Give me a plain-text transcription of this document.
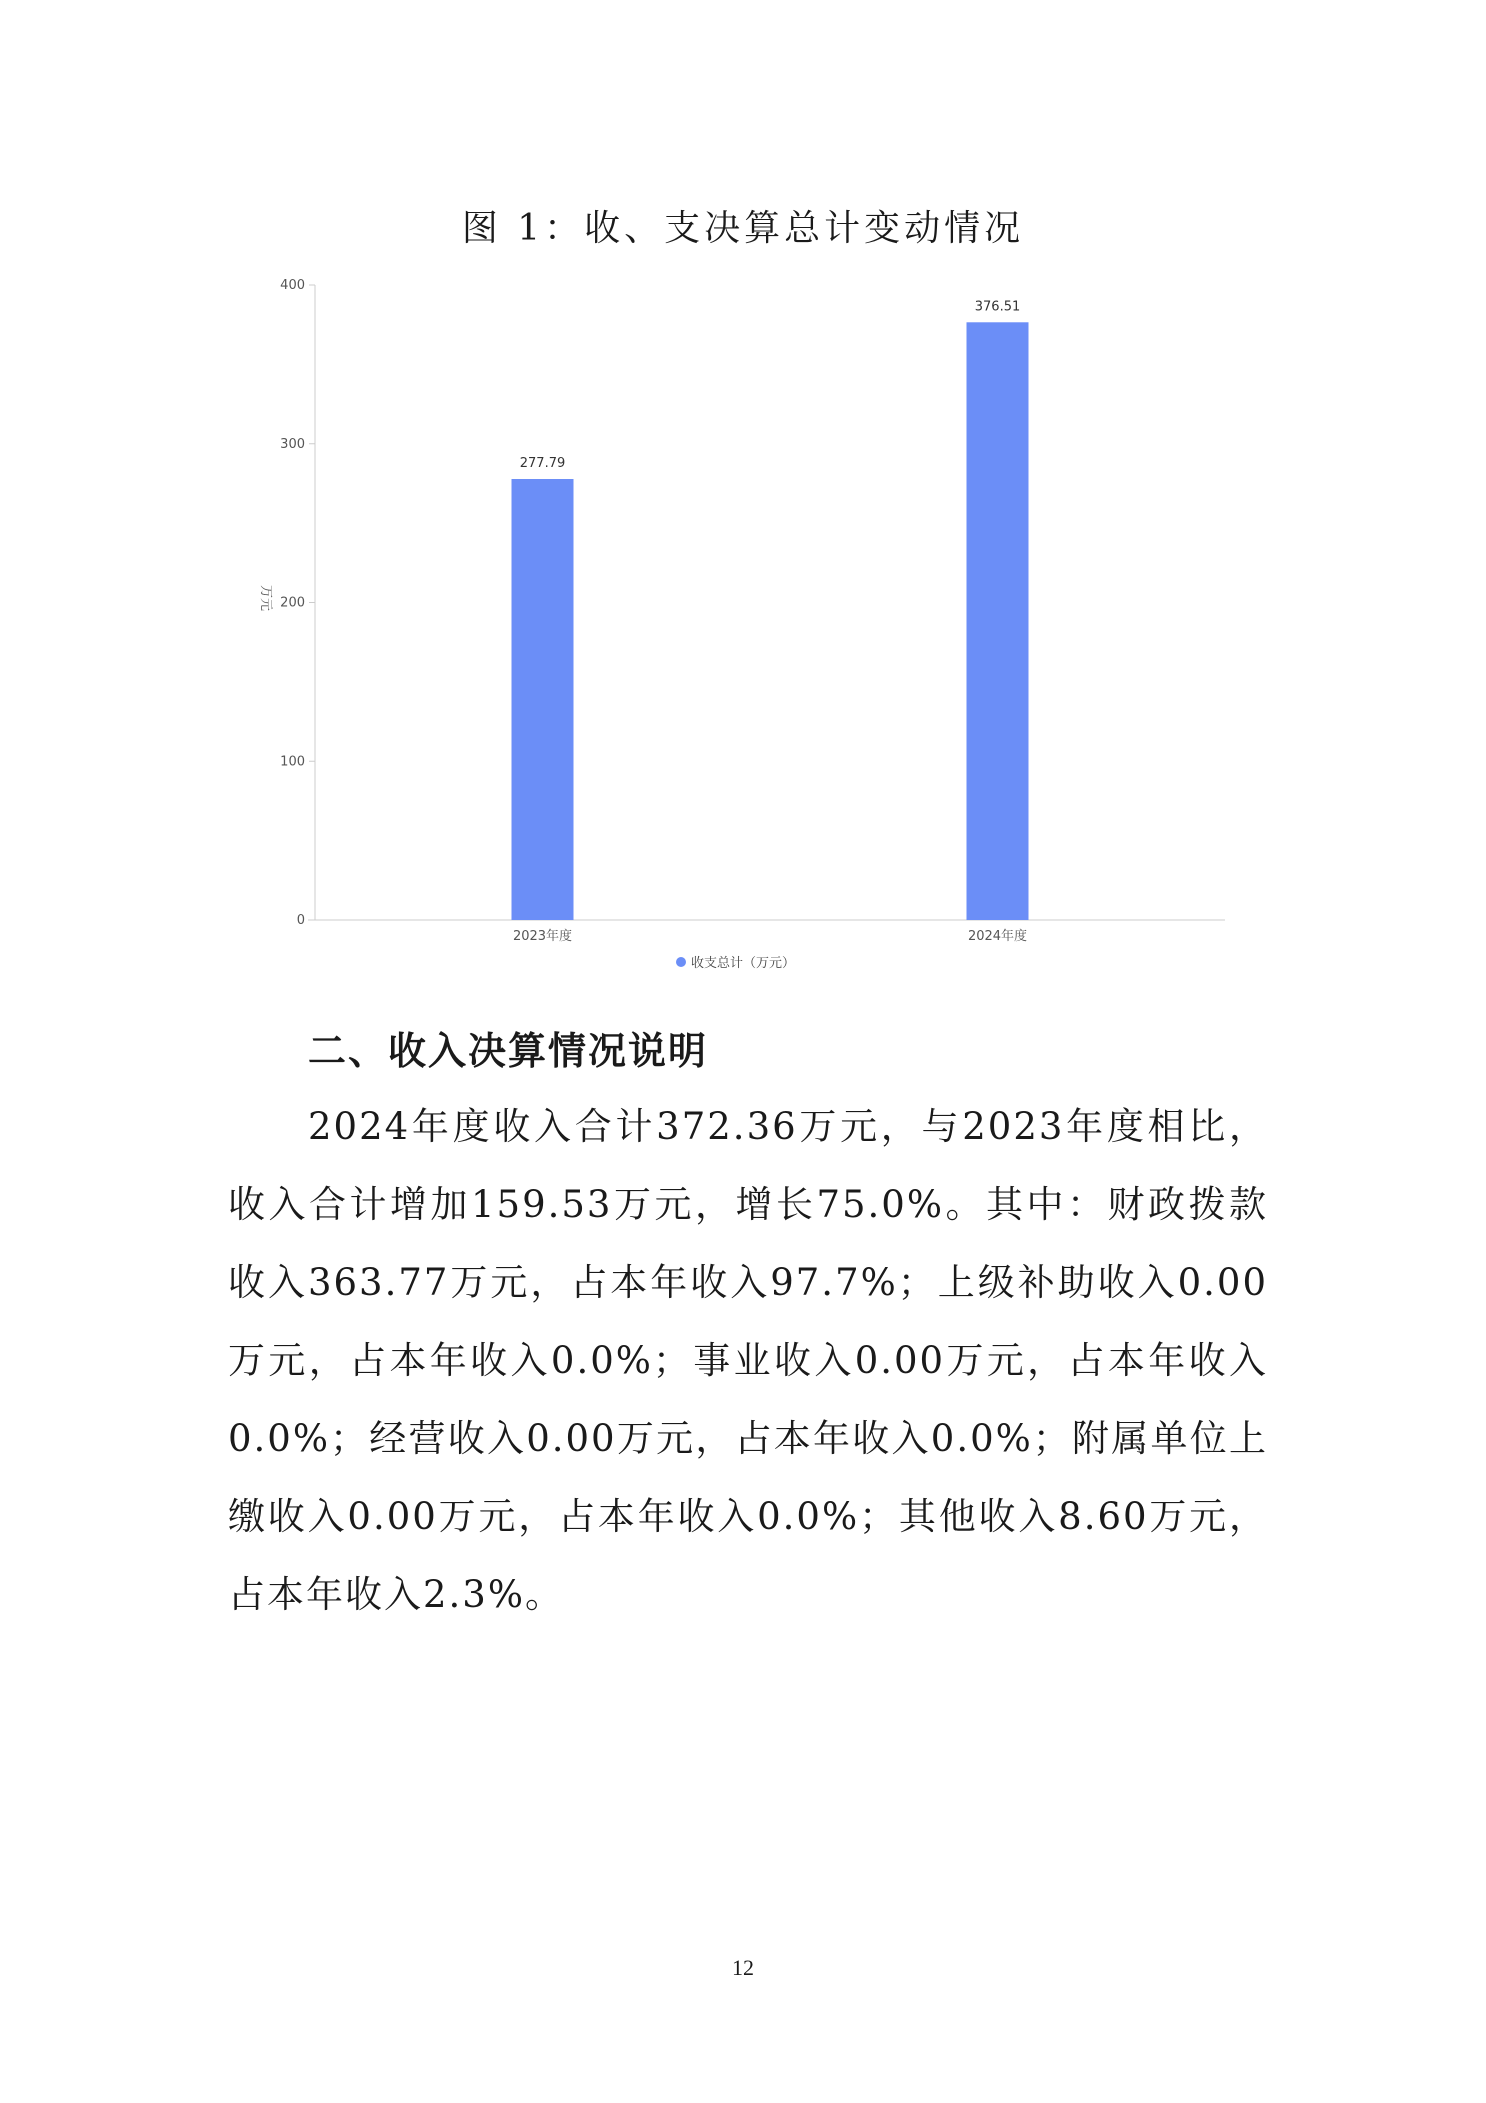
图 1：收、支决算总计变动情况
0
100
200
300
400
万元
277.79
2023年度
376.51
2024年度
收支总计（万元）
二、收入决算情况说明
2024年度收入合计372.36万元，与2023年度相比，收入合计增加159.53万元，增长75.0%。其中：财政拨款收入363.77万元，占本年收入97.7%；上级补助收入0.00万元，占本年收入0.0%；事业收入0.00万元，占本年收入0.0%；经营收入0.00万元，占本年收入0.0%；附属单位上缴收入0.00万元，占本年收入0.0%；其他收入8.60万元，占本年收入2.3%。
12
